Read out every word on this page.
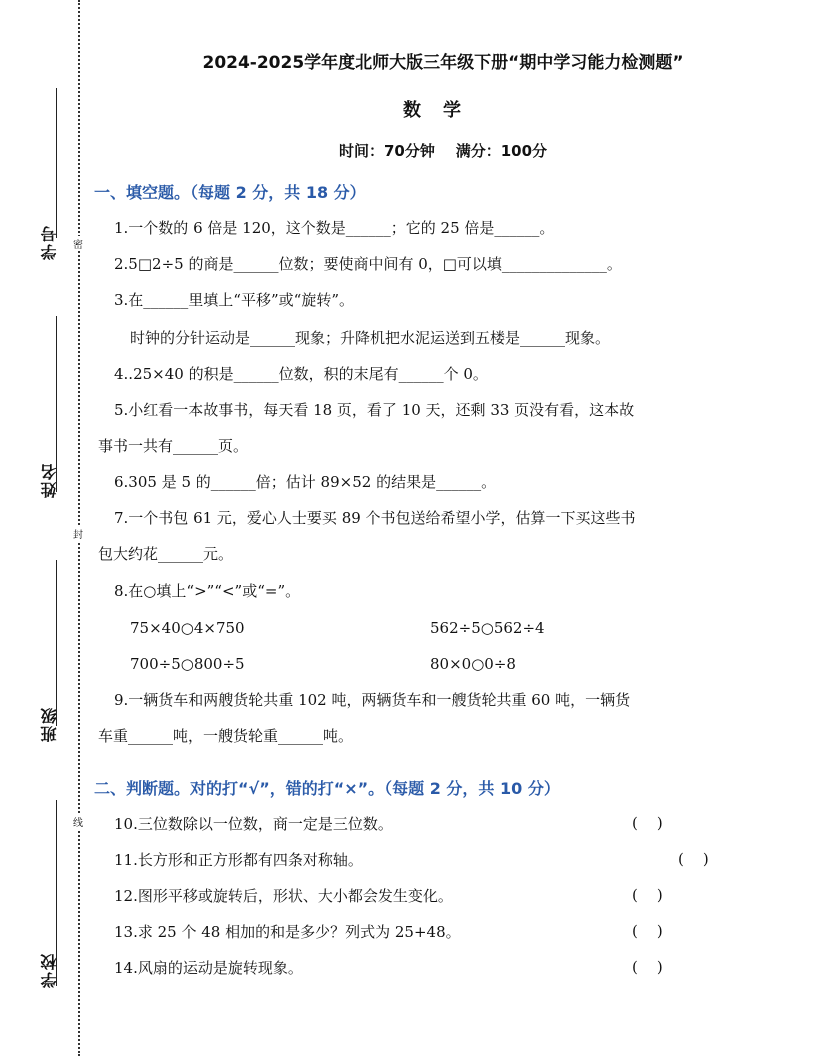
学号
姓名
班级
学校
密
封
线
2024-2025学年度北师大版三年级下册“期中学习能力检测题”
数学
时间：70分钟    满分：100分
一、填空题。（每题 2 分，共 18 分）
1.一个数的 6 倍是 120，这个数是______；它的 25 倍是______。
2.5□2÷5 的商是______位数；要使商中间有 0，□可以填______________。
3.在______里填上“平移”或“旋转”。
时钟的分针运动是______现象；升降机把水泥运送到五楼是______现象。
4..25×40 的积是______位数，积的末尾有______个 0。
5.小红看一本故事书，每天看 18 页，看了 10 天，还剩 33 页没有看，这本故
事书一共有______页。
6.305 是 5 的______倍；估计 89×52 的结果是______。
7.一个书包 61 元，爱心人士要买 89 个书包送给希望小学，估算一下买这些书
包大约花______元。
8.在○填上“>”“<”或“=”。
75×40○4×750	562÷5○562÷4
700÷5○800÷5	80×0○0÷8
9.一辆货车和两艘货轮共重 102 吨，两辆货车和一艘货轮共重 60 吨，一辆货
车重______吨，一艘货轮重______吨。
二、判断题。对的打“√”，错的打“×”。（每题 2 分，共 10 分）
10.三位数除以一位数，商一定是三位数。	(    )
11.长方形和正方形都有四条对称轴。	(    )
12.图形平移或旋转后，形状、大小都会发生变化。	(    )
13.求 25 个 48 相加的和是多少？列式为 25+48。	(    )
14.风扇的运动是旋转现象。	(    )
